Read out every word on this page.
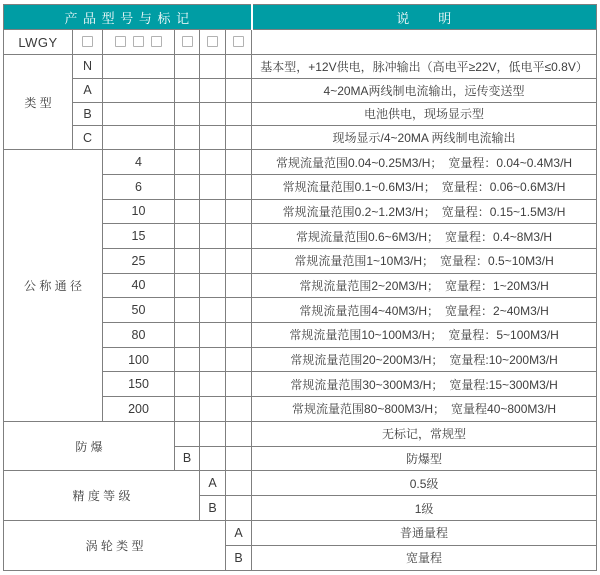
产 品 型 号 与 标 记						说　　明
LWGY						
类 型	N					基本型，+12V供电，脉冲输出（高电平≥22V，低电平≤0.8V）
	A					4~20MA两线制电流输出，远传变送型
	B					电池供电，现场显示型
	C					现场显示/4~20MA 两线制电流输出
公 称 通 径		4				常规流量范围0.04~0.25M3/H；　宽量程：0.04~0.4M3/H
		6				常规流量范围0.1~0.6M3/H；　宽量程：0.06~0.6M3/H
		10				常规流量范围0.2~1.2M3/H；　宽量程：0.15~1.5M3/H
		15				常规流量范围0.6~6M3/H；　宽量程：0.4~8M3/H
		25				常规流量范围1~10M3/H；　宽量程：0.5~10M3/H
		40				常规流量范围2~20M3/H；　宽量程：1~20M3/H
		50				常规流量范围4~40M3/H；　宽量程：2~40M3/H
		80				常规流量范围10~100M3/H；　宽量程：5~100M3/H
		100				常规流量范围20~200M3/H；　宽量程:10~200M3/H
		150				常规流量范围30~300M3/H；　宽量程:15~300M3/H
		200				常规流量范围80~800M3/H；　宽量程40~800M3/H
防 爆						无标记，常规型
			B			防爆型
精 度 等 级				A		0.5级
				B		1级
涡 轮 类 型					A	普通量程
					B	宽量程
